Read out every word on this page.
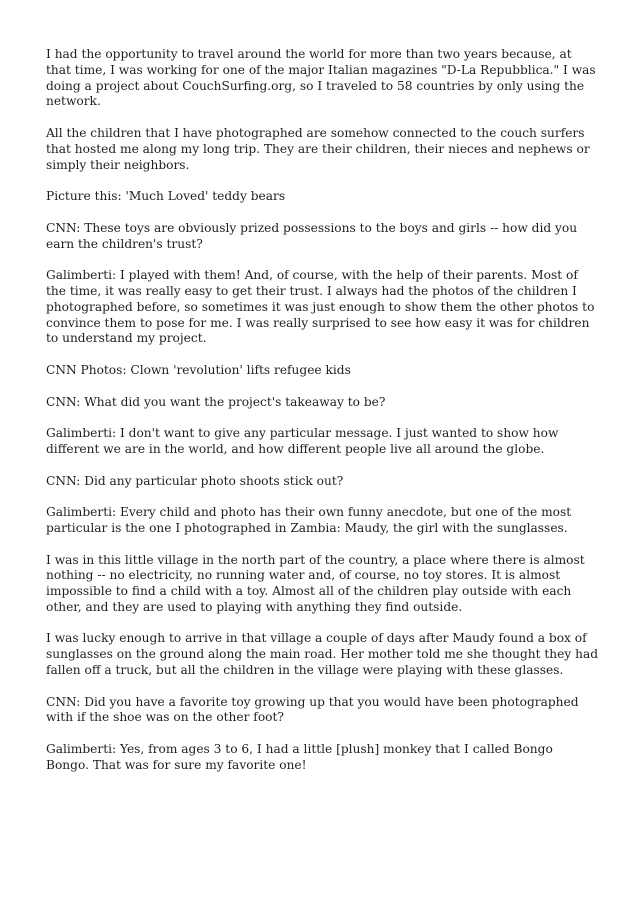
I had the opportunity to travel around the world for more than two years because, at that time, I was working for one of the major Italian magazines "D-La Repubblica." I was doing a project about CouchSurfing.org, so I traveled to 58 countries by only using the network.

All the children that I have photographed are somehow connected to the couch surfers that hosted me along my long trip. They are their children, their nieces and nephews or simply their neighbors.

Picture this: 'Much Loved' teddy bears

CNN: These toys are obviously prized possessions to the boys and girls -- how did you earn the children's trust?

Galimberti: I played with them! And, of course, with the help of their parents. Most of the time, it was really easy to get their trust. I always had the photos of the children I photographed before, so sometimes it was just enough to show them the other photos to convince them to pose for me. I was really surprised to see how easy it was for children to understand my project.

CNN Photos: Clown 'revolution' lifts refugee kids

CNN: What did you want the project's takeaway to be?

Galimberti: I don't want to give any particular message. I just wanted to show how different we are in the world, and how different people live all around the globe.

CNN: Did any particular photo shoots stick out?

Galimberti: Every child and photo has their own funny anecdote, but one of the most particular is the one I photographed in Zambia: Maudy, the girl with the sunglasses.

I was in this little village in the north part of the country, a place where there is almost nothing -- no electricity, no running water and, of course, no toy stores. It is almost impossible to find a child with a toy. Almost all of the children play outside with each other, and they are used to playing with anything they find outside.

I was lucky enough to arrive in that village a couple of days after Maudy found a box of sunglasses on the ground along the main road. Her mother told me she thought they had fallen off a truck, but all the children in the village were playing with these glasses.

CNN: Did you have a favorite toy growing up that you would have been photographed with if the shoe was on the other foot?

Galimberti: Yes, from ages 3 to 6, I had a little [plush] monkey that I called Bongo Bongo. That was for sure my favorite one!
